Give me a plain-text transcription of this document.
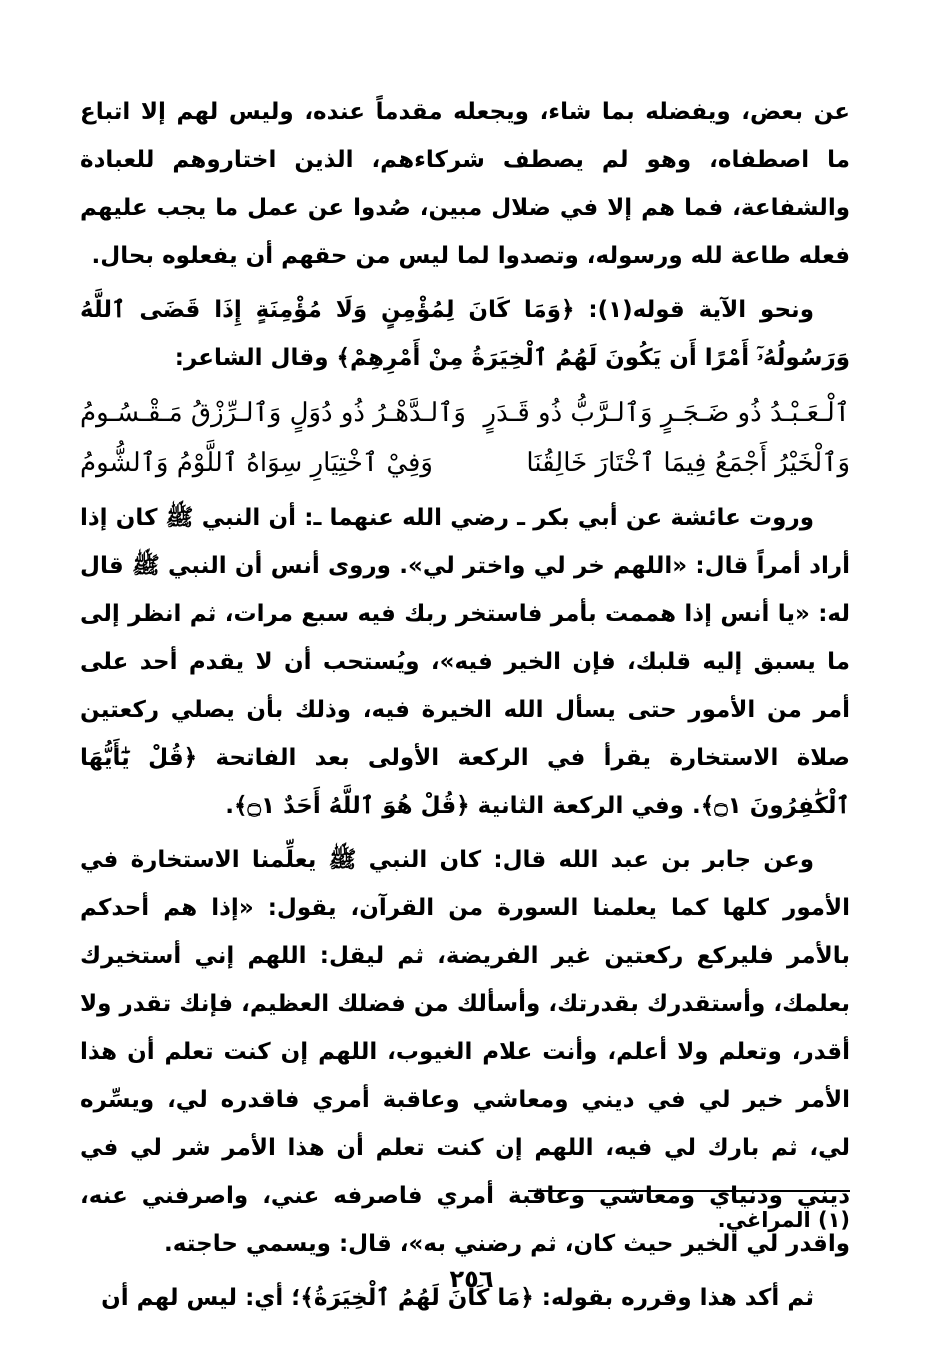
عن بعض، ويفضله بما شاء، ويجعله مقدماً عنده، وليس لهم إلا اتباع ما اصطفاه، وهو لم يصطف شركاءهم، الذين اختاروهم للعبادة والشفاعة، فما هم إلا في ضلال مبين، صُدوا عن عمل ما يجب عليهم فعله طاعة لله ورسوله، وتصدوا لما ليس من حقهم أن يفعلوه بحال.

ونحو الآية قوله(١): ﴿وَمَا كَانَ لِمُؤْمِنٍ وَلَا مُؤْمِنَةٍ إِذَا قَضَى ٱللَّهُ وَرَسُولُهُۥٓ أَمْرًا أَن يَكُونَ لَهُمُ ٱلْخِيَرَةُ مِنْ أَمْرِهِمْ﴾ وقال الشاعر:

ٱلْـعَـبْـدُ ذُو ضَـجَـرٍ وَٱلـرَّبُّ ذُو قَـدَرٍ
وَٱلـدَّهْـرُ ذُو دُوَلٍ وَٱلـرِّزْقُ مَـقْـسُـومُ
وَٱلْخَيْرُ أَجْمَعُ فِيمَا ٱخْتَارَ خَالِقُنَا
وَفِيْ ٱخْتِيَارِ سِوَاهُ ٱللَّوْمُ وَٱلشُّومُ

وروت عائشة عن أبي بكر ـ رضي الله عنهما ـ: أن النبي ﷺ كان إذا أراد أمراً قال: «اللهم خر لي واختر لي». وروى أنس أن النبي ﷺ قال له: «يا أنس إذا هممت بأمر فاستخر ربك فيه سبع مرات، ثم انظر إلى ما يسبق إليه قلبك، فإن الخير فيه»، ويُستحب أن لا يقدم أحد على أمر من الأمور حتى يسأل الله الخيرة فيه، وذلك بأن يصلي ركعتين صلاة الاستخارة يقرأ في الركعة الأولى بعد الفاتحة ﴿قُلْ يَٰٓأَيُّهَا ٱلْكَٰفِرُونَ ۝١﴾. وفي الركعة الثانية ﴿قُلْ هُوَ ٱللَّهُ أَحَدٌ ۝١﴾.

وعن جابر بن عبد الله قال: كان النبي ﷺ يعلِّمنا الاستخارة في الأمور كلها كما يعلمنا السورة من القرآن، يقول: «إذا هم أحدكم بالأمر فليركع ركعتين غير الفريضة، ثم ليقل: اللهم إني أستخيرك بعلمك، وأستقدرك بقدرتك، وأسألك من فضلك العظيم، فإنك تقدر ولا أقدر، وتعلم ولا أعلم، وأنت علام الغيوب، اللهم إن كنت تعلم أن هذا الأمر خير لي في ديني ومعاشي وعاقبة أمري فاقدره لي، ويسِّره لي، ثم بارك لي فيه، اللهم إن كنت تعلم أن هذا الأمر شر لي في ديني ودنياي ومعاشي وعاقبة أمري فاصرفه عني، واصرفني عنه، واقدر لي الخير حيث كان، ثم رضني به»، قال: ويسمي حاجته.

ثم أكد هذا وقرره بقوله: ﴿مَا كَانَ لَهُمُ ٱلْخِيَرَةُ﴾؛ أي: ليس لهم أن

(١) المراغي.
٢٥٦
